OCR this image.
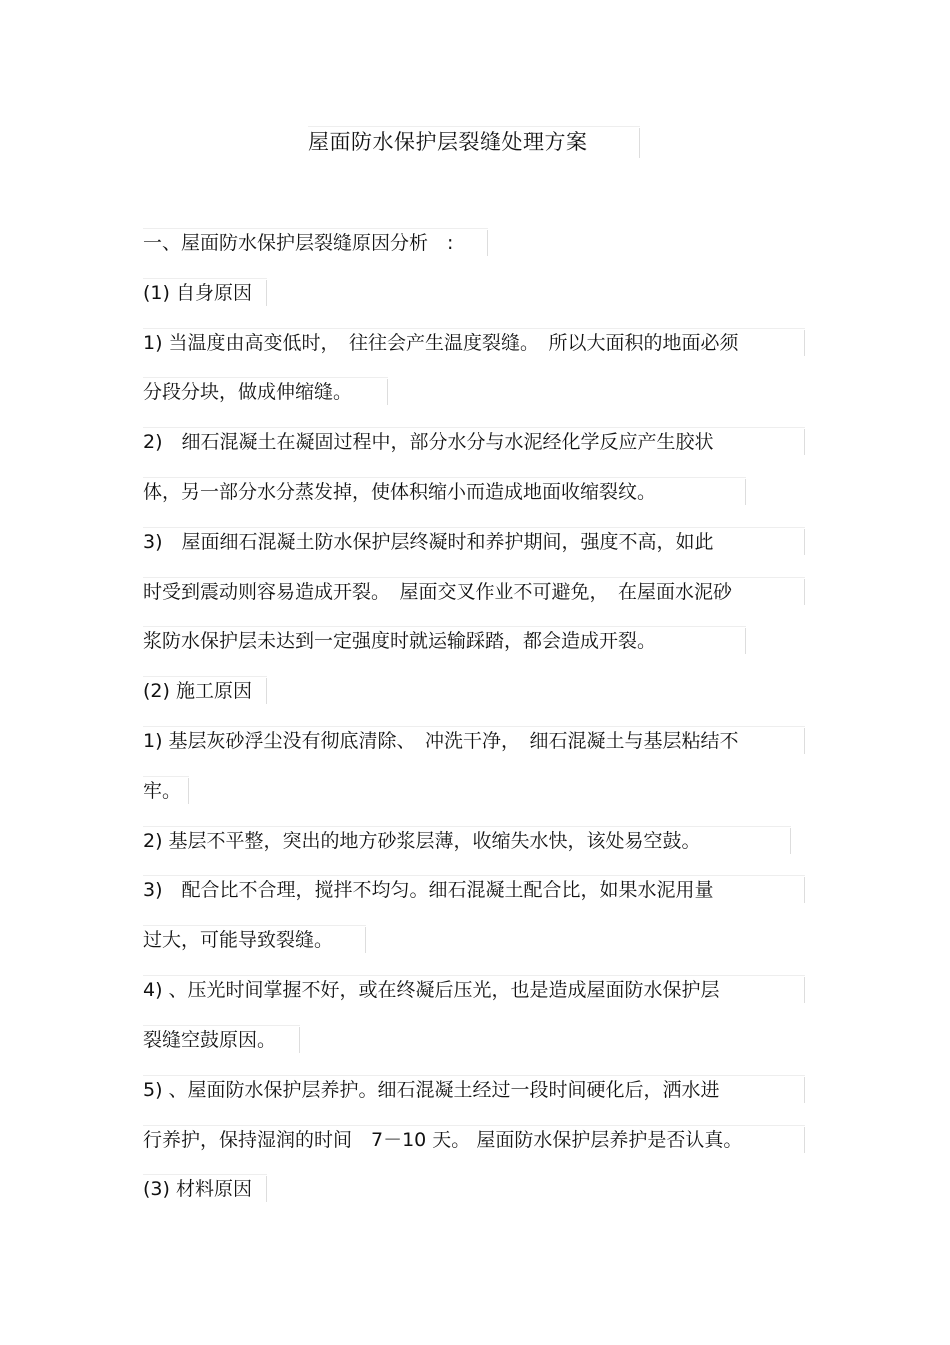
屋面防水保护层裂缝处理方案
一、屋面防水保护层裂缝原因分析　:
(1) 自身原因
1) 当温度由高变低时，　往往会产生温度裂缝。　所以大面积的地面必须
分段分块，做成伸缩缝。
2)　细石混凝土在凝固过程中，部分水分与水泥经化学反应产生胶状
体，另一部分水分蒸发掉，使体积缩小而造成地面收缩裂纹。
3)　屋面细石混凝土防水保护层终凝时和养护期间，强度不高，如此
时受到震动则容易造成开裂。　屋面交叉作业不可避免，　在屋面水泥砂
浆防水保护层未达到一定强度时就运输踩踏，都会造成开裂。
(2) 施工原因
1) 基层灰砂浮尘没有彻底清除、　冲洗干净，　细石混凝土与基层粘结不
牢。
2) 基层不平整，突出的地方砂浆层薄，收缩失水快，该处易空鼓。
3)　配合比不合理，搅拌不均匀。细石混凝土配合比，如果水泥用量
过大，可能导致裂缝。
4) 、压光时间掌握不好，或在终凝后压光，也是造成屋面防水保护层
裂缝空鼓原因。
5) 、屋面防水保护层养护。细石混凝土经过一段时间硬化后，洒水进
行养护，保持湿润的时间　7－10 天。 屋面防水保护层养护是否认真。
(3) 材料原因
